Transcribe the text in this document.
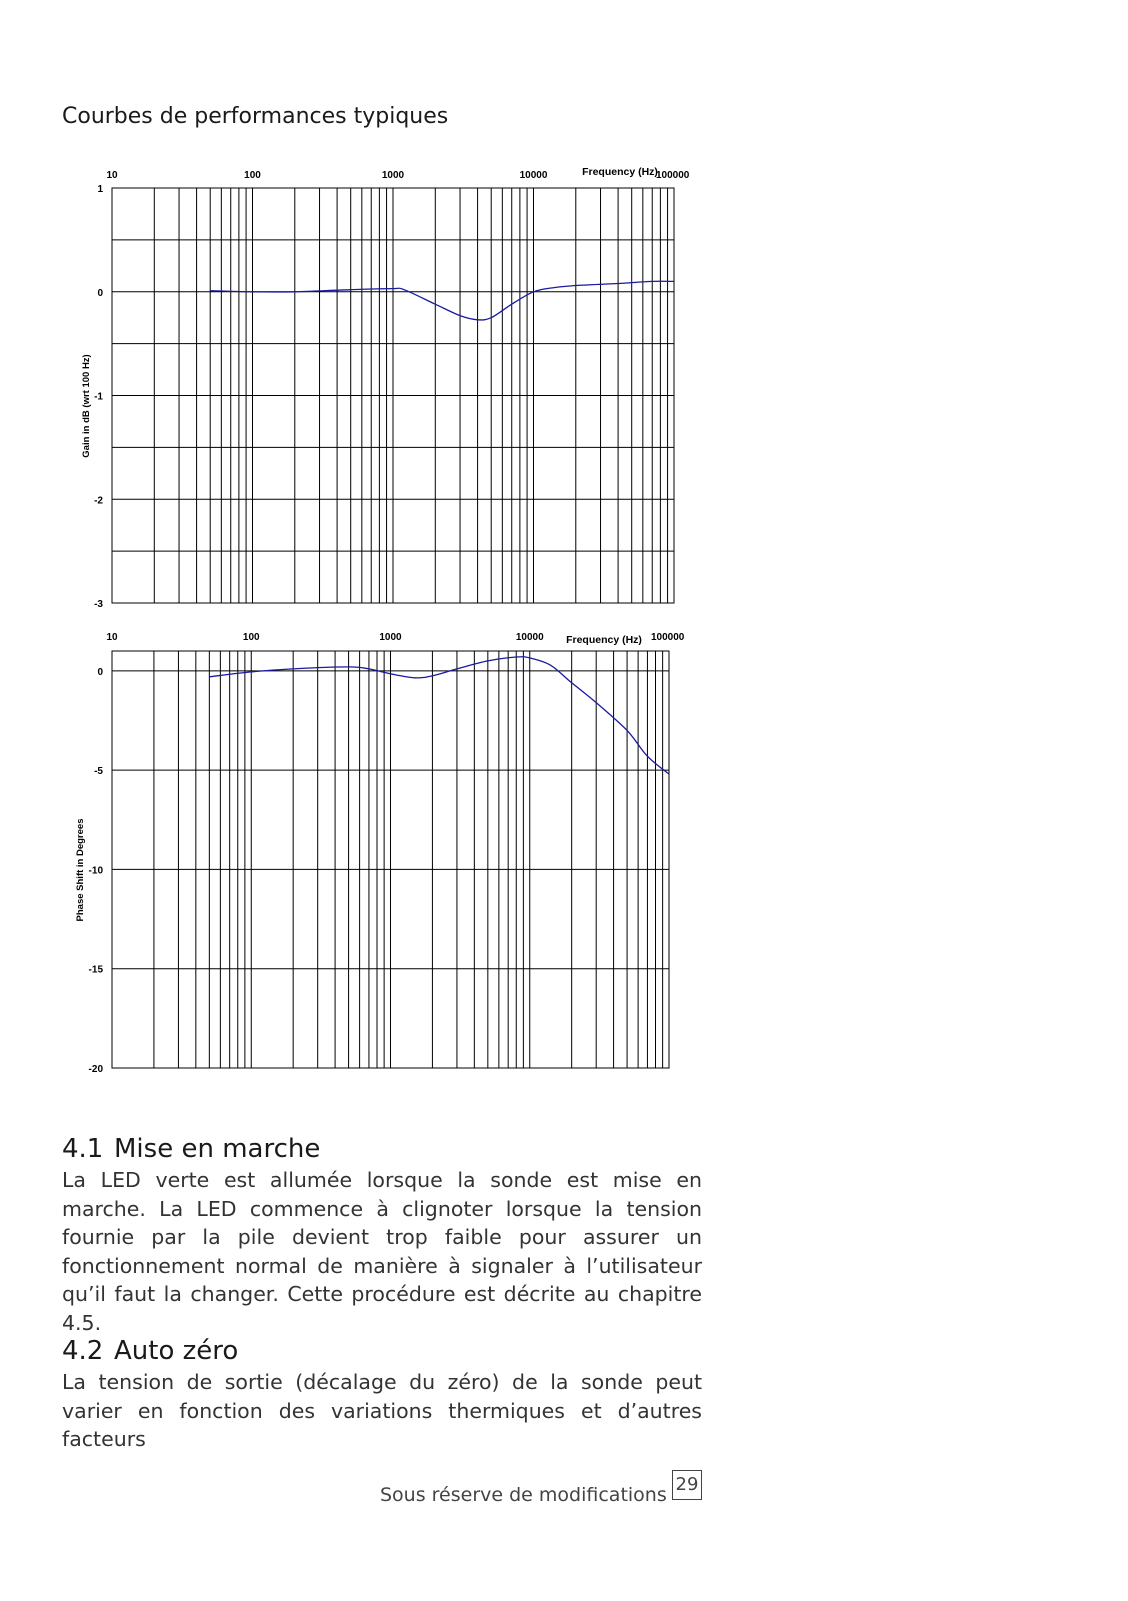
Courbes de performances typiques
10	100	1000	10000	100000
1
0
-1
-2
-3
Frequency (Hz)
Gain in dB (wrt 100 Hz)
10	100	1000	10000	100000
0
-5
-10
-15
-20
Frequency (Hz)
Phase Shift in Degrees
4.1 Mise en marche

La LED verte est allumée lorsque la sonde est mise en marche. La LED commence à clignoter lorsque la tension fournie par la pile devient trop faible pour assurer un fonctionnement normal de manière à signaler à l’utilisateur qu’il faut la changer. Cette procédure est décrite au chapitre 4.5.

4.2 Auto zéro

La tension de sortie (décalage du zéro) de la sonde peut varier en fonction des variations thermiques et d’autres facteurs

Sous réserve de modifications 29
